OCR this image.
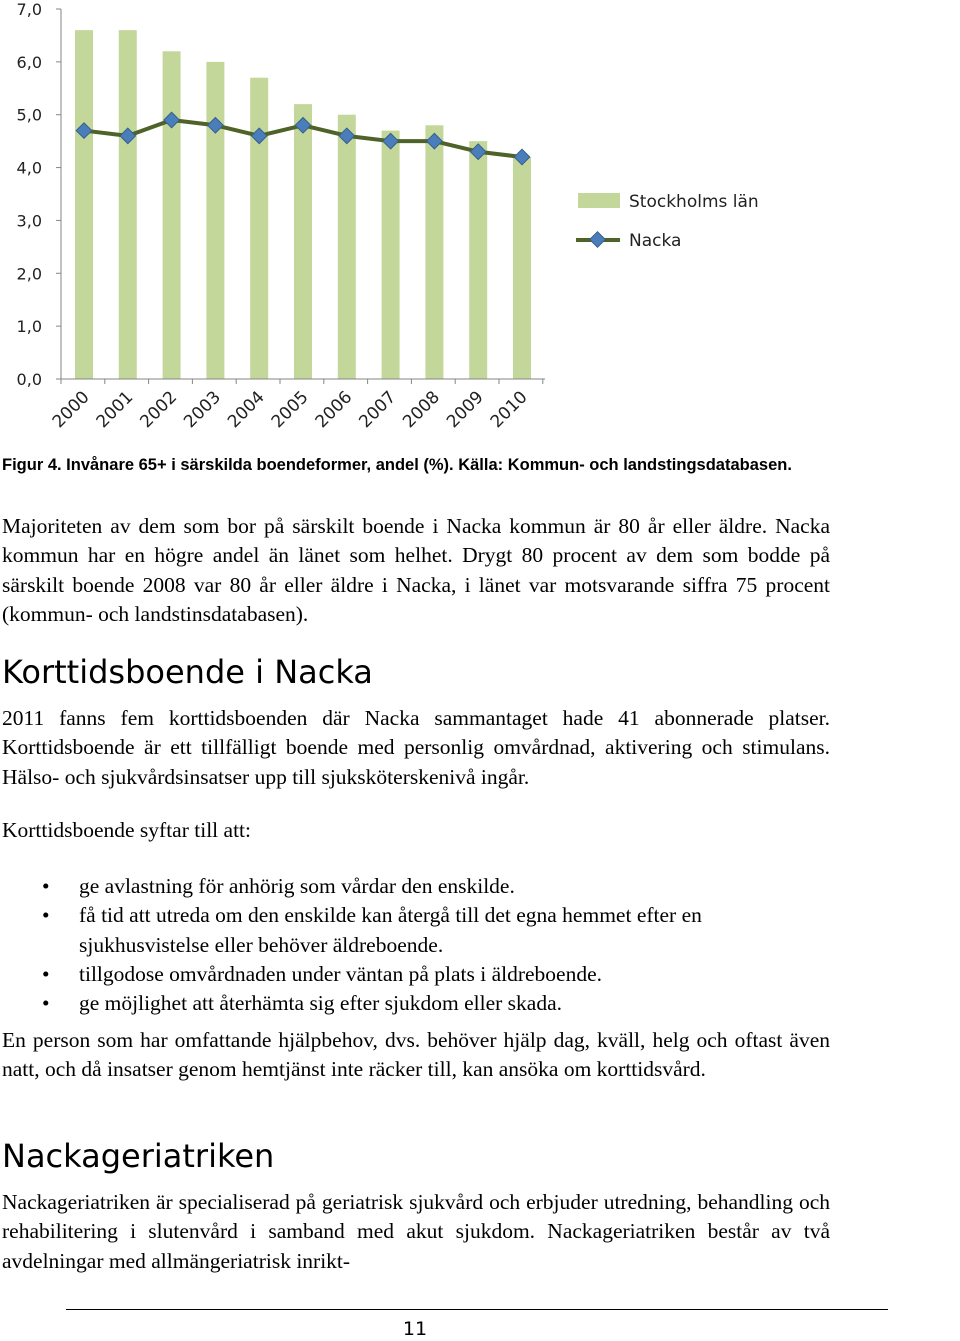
0,0
1,0
2,0
3,0
4,0
5,0
6,0
7,0
2000 2001 2002 2003 2004 2005 2006 2007 2008 2009 2010
Stockholms län
Nacka
Figur 4. Invånare 65+ i särskilda boendeformer, andel (%). Källa: Kommun- och landstingsdatabasen.

Majoriteten av dem som bor på särskilt boende i Nacka kommun är 80 år eller äldre. Nacka kommun har en högre andel än länet som helhet. Drygt 80 procent av dem som bodde på särskilt boende 2008 var 80 år eller äldre i Nacka, i länet var motsvarande siffra 75 procent (kommun- och landstinsdatabasen).

Korttidsboende i Nacka

2011 fanns fem korttidsboenden där Nacka sammantaget hade 41 abonnerade platser. Korttidsboende är ett tillfälligt boende med personlig omvårdnad, aktivering och stimulans. Hälso- och sjukvårdsinsatser upp till sjuksköterskenivå ingår.

Korttidsboende syftar till att:

• ge avlastning för anhörig som vårdar den enskilde.
• få tid att utreda om den enskilde kan återgå till det egna hemmet efter en sjukhusvistelse eller behöver äldreboende.
• tillgodose omvårdnaden under väntan på plats i äldreboende.
• ge möjlighet att återhämta sig efter sjukdom eller skada.

En person som har omfattande hjälpbehov, dvs. behöver hjälp dag, kväll, helg och oftast även natt, och då insatser genom hemtjänst inte räcker till, kan ansöka om korttidsvård.

Nackageriatriken

Nackageriatriken är specialiserad på geriatrisk sjukvård och erbjuder utredning, behandling och rehabilitering i slutenvård i samband med akut sjukdom. Nackageriatriken består av två avdelningar med allmängeriatrisk inrikt-

11
